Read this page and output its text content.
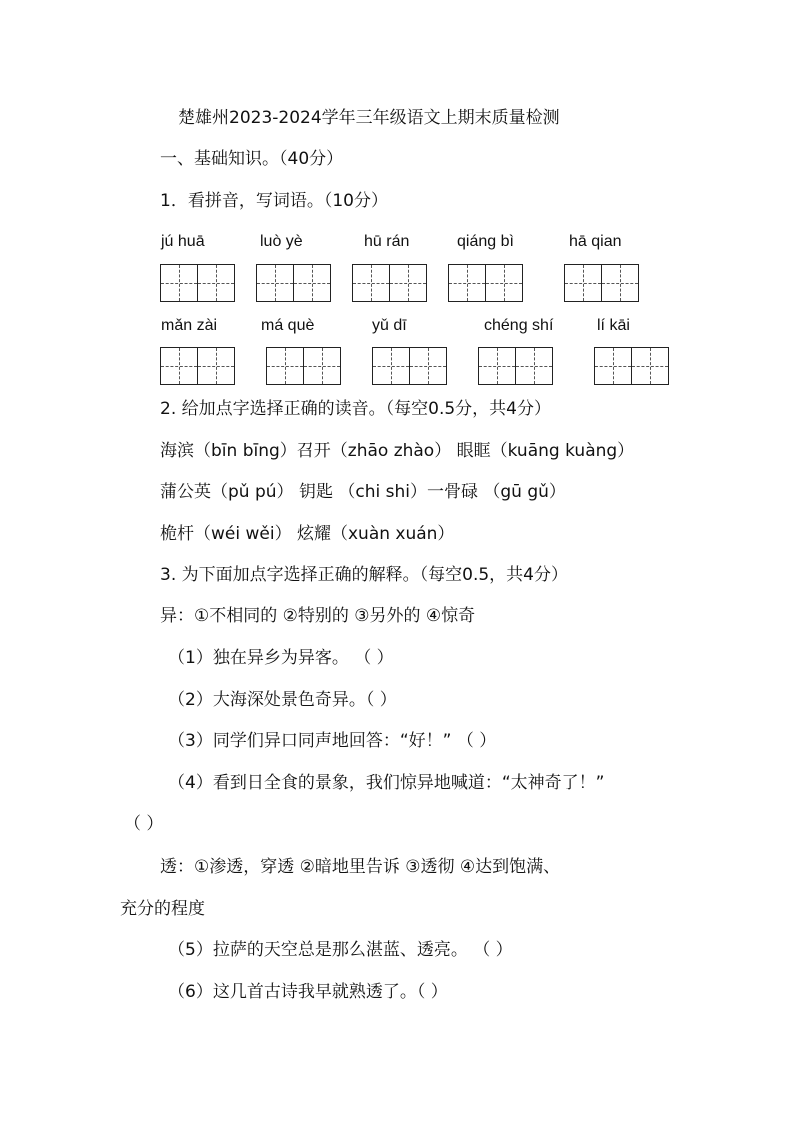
楚雄州2023-2024学年三年级语文上期末质量检测
一、基础知识。（40分）
1．看拼音，写词语。（10分）
jú huā	luò yè	hū rán	qiáng bì	hā qian
mǎn zài	má què	yǔ dī	chéng shí	lí kāi
2. 给加点字选择正确的读音。（每空0.5分，共4分）
海滨（bīn bīng）召开（zhāo zhào） 眼眶（kuāng kuàng）
蒲公英（pǔ pú） 钥匙 （chi shi）一骨碌 （gū gǔ）
桅杆（wéi wěi） 炫耀（xuàn xuán）
3. 为下面加点字选择正确的解释。（每空0.5，共4分）
异：①不相同的 ②特别的 ③另外的 ④惊奇
（1）独在异乡为异客。 （ ）
（2）大海深处景色奇异。（ ）
（3）同学们异口同声地回答：“好！” （ ）
（4）看到日全食的景象，我们惊异地喊道：“太神奇了！”
（ ）
透：①渗透，穿透 ②暗地里告诉 ③透彻 ④达到饱满、
充分的程度
（5）拉萨的天空总是那么湛蓝、透亮。 （ ）
（6）这几首古诗我早就熟透了。（ ）
